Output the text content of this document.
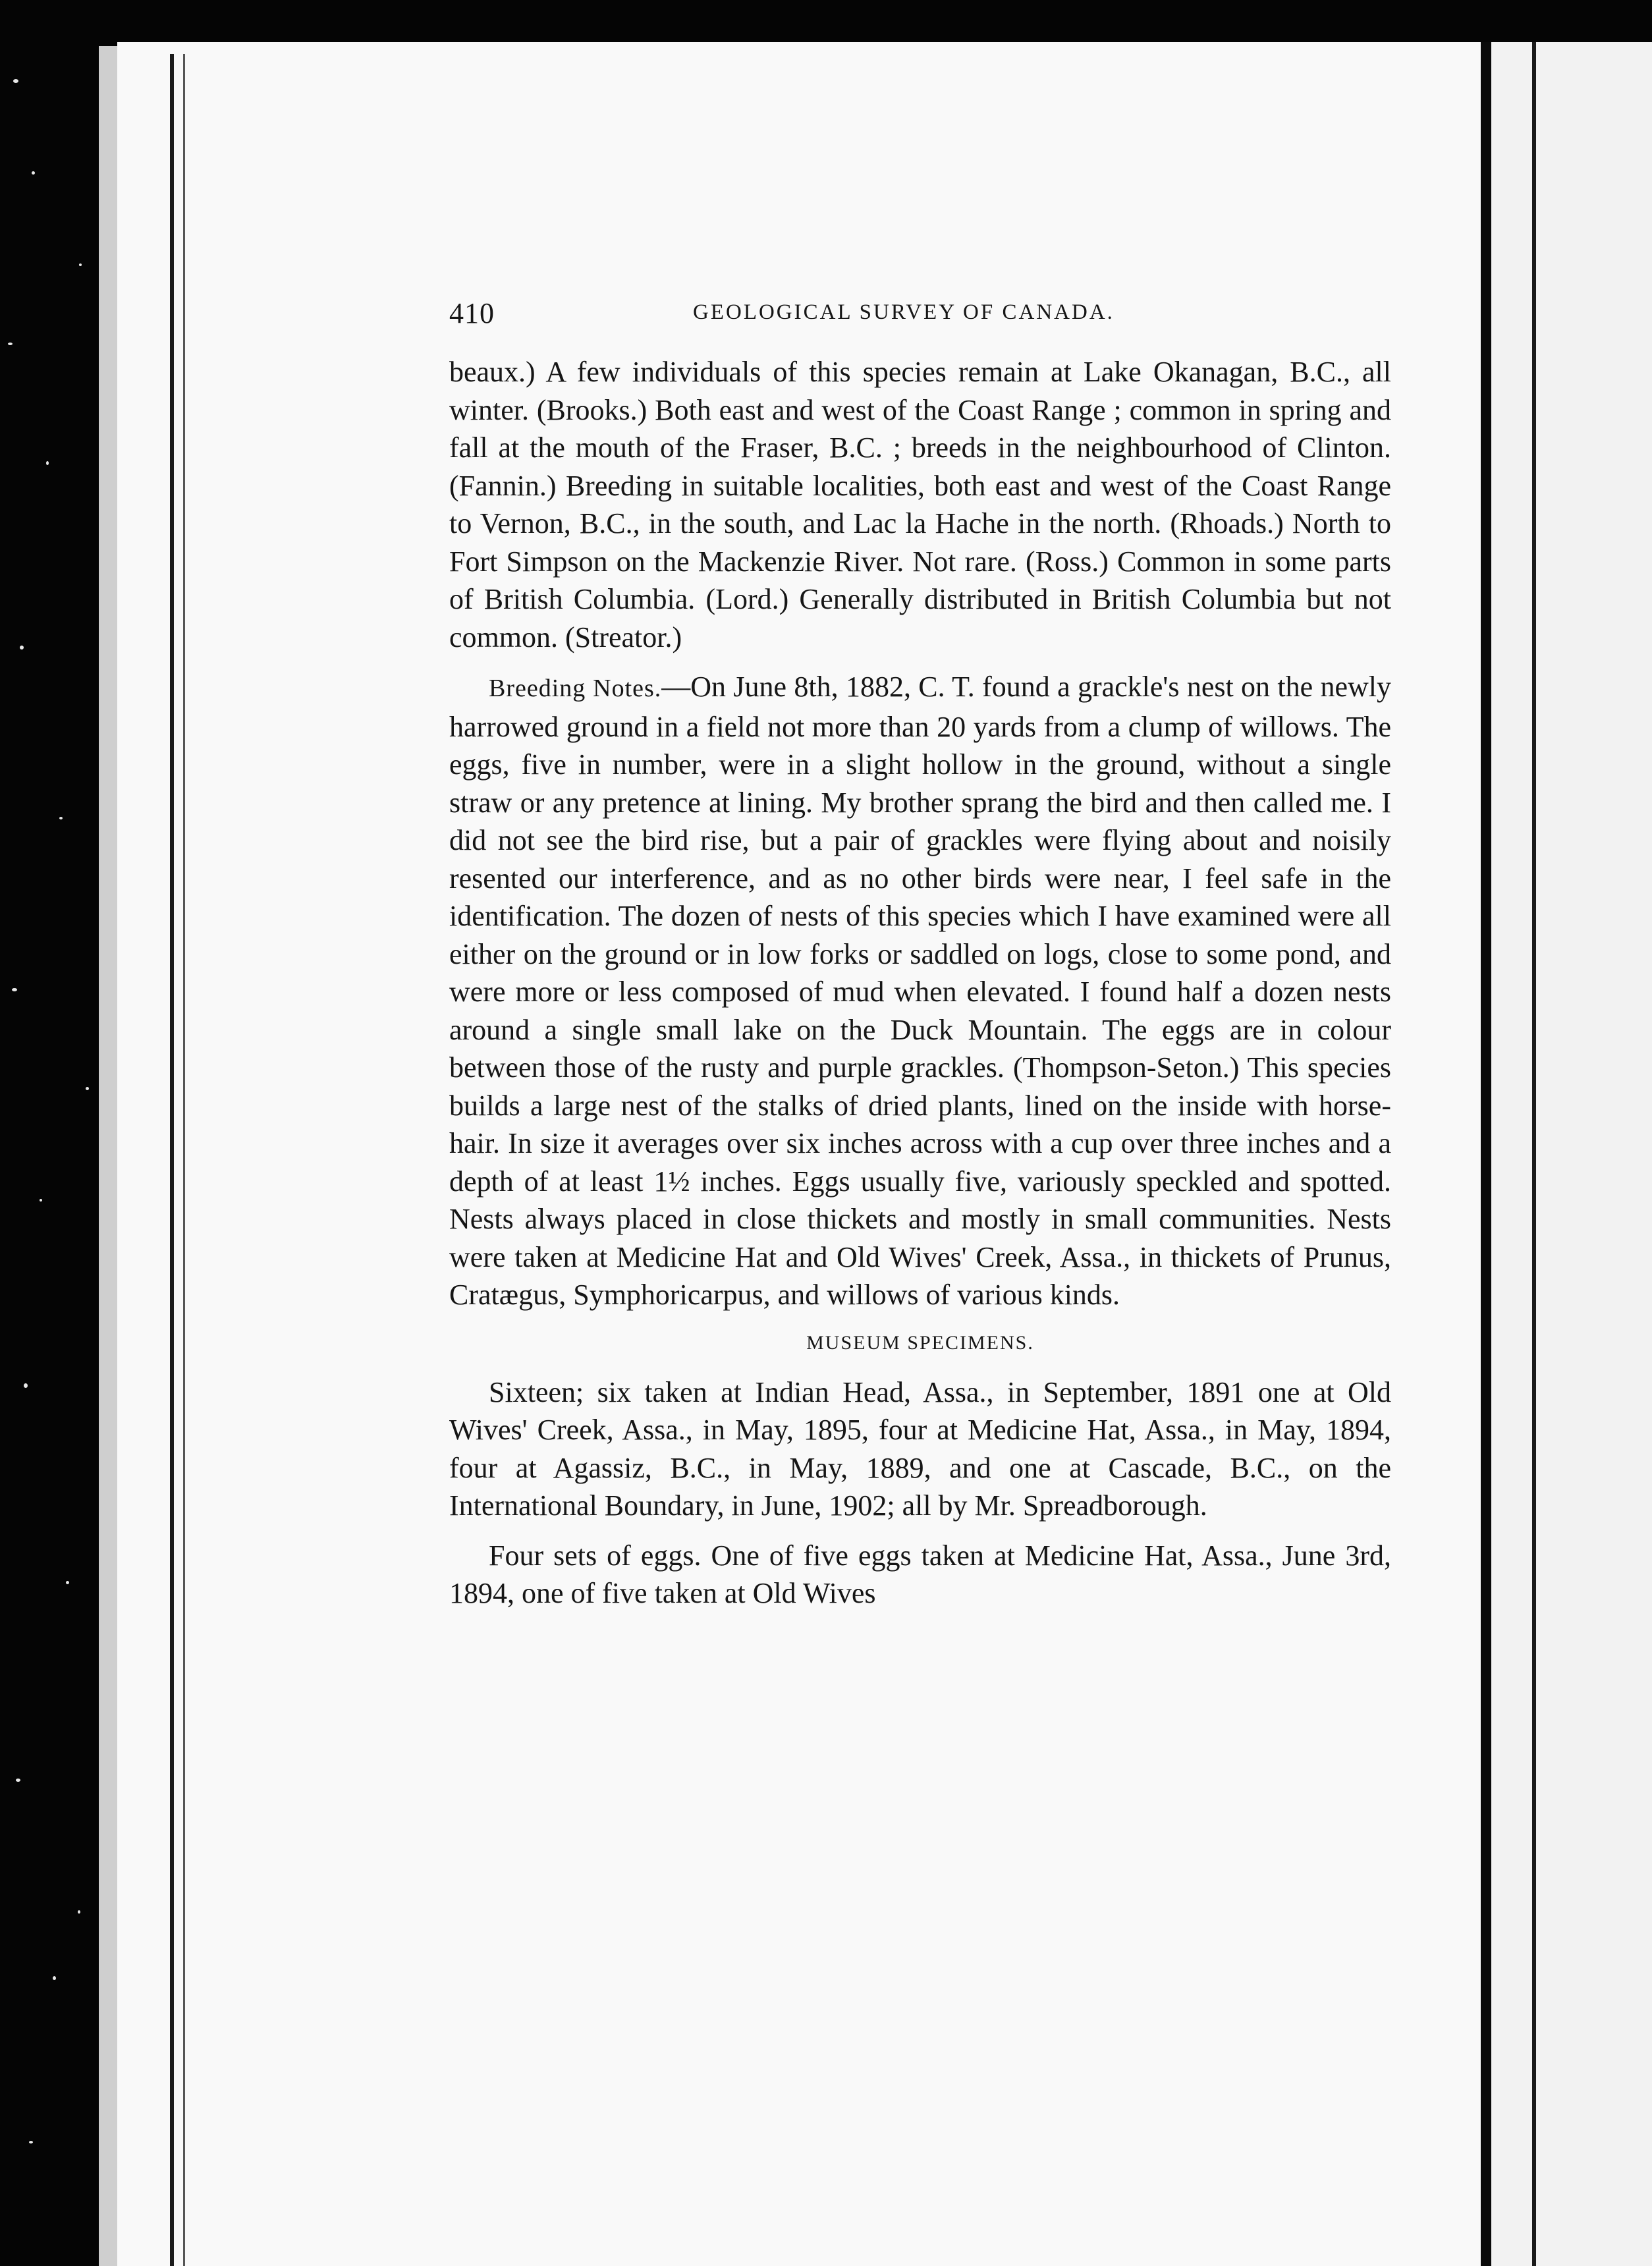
410	GEOLOGICAL SURVEY OF CANADA.

beaux.) A few individuals of this species remain at Lake Okanagan, B.C., all winter. (Brooks.) Both east and west of the Coast Range ; common in spring and fall at the mouth of the Fraser, B.C. ; breeds in the neighbourhood of Clinton. (Fannin.) Breeding in suitable localities, both east and west of the Coast Range to Vernon, B.C., in the south, and Lac la Hache in the north. (Rhoads.) North to Fort Simpson on the Mackenzie River. Not rare. (Ross.) Common in some parts of British Columbia. (Lord.) Generally distributed in British Columbia but not common. (Streator.)

Breeding Notes.—On June 8th, 1882, C. T. found a grackle's nest on the newly harrowed ground in a field not more than 20 yards from a clump of willows. The eggs, five in number, were in a slight hollow in the ground, without a single straw or any pretence at lining. My brother sprang the bird and then called me. I did not see the bird rise, but a pair of grackles were flying about and noisily resented our interference, and as no other birds were near, I feel safe in the identification. The dozen of nests of this species which I have examined were all either on the ground or in low forks or saddled on logs, close to some pond, and were more or less composed of mud when elevated. I found half a dozen nests around a single small lake on the Duck Mountain. The eggs are in colour between those of the rusty and purple grackles. (Thompson-Seton.) This species builds a large nest of the stalks of dried plants, lined on the inside with horse-hair. In size it averages over six inches across with a cup over three inches and a depth of at least 1½ inches. Eggs usually five, variously speckled and spotted. Nests always placed in close thickets and mostly in small communities. Nests were taken at Medicine Hat and Old Wives' Creek, Assa., in thickets of Prunus, Cratægus, Symphoricarpus, and willows of various kinds.

MUSEUM SPECIMENS.

Sixteen; six taken at Indian Head, Assa., in September, 1891 one at Old Wives' Creek, Assa., in May, 1895, four at Medicine Hat, Assa., in May, 1894, four at Agassiz, B.C., in May, 1889, and one at Cascade, B.C., on the International Boundary, in June, 1902; all by Mr. Spreadborough.

Four sets of eggs. One of five eggs taken at Medicine Hat, Assa., June 3rd, 1894, one of five taken at Old Wives
